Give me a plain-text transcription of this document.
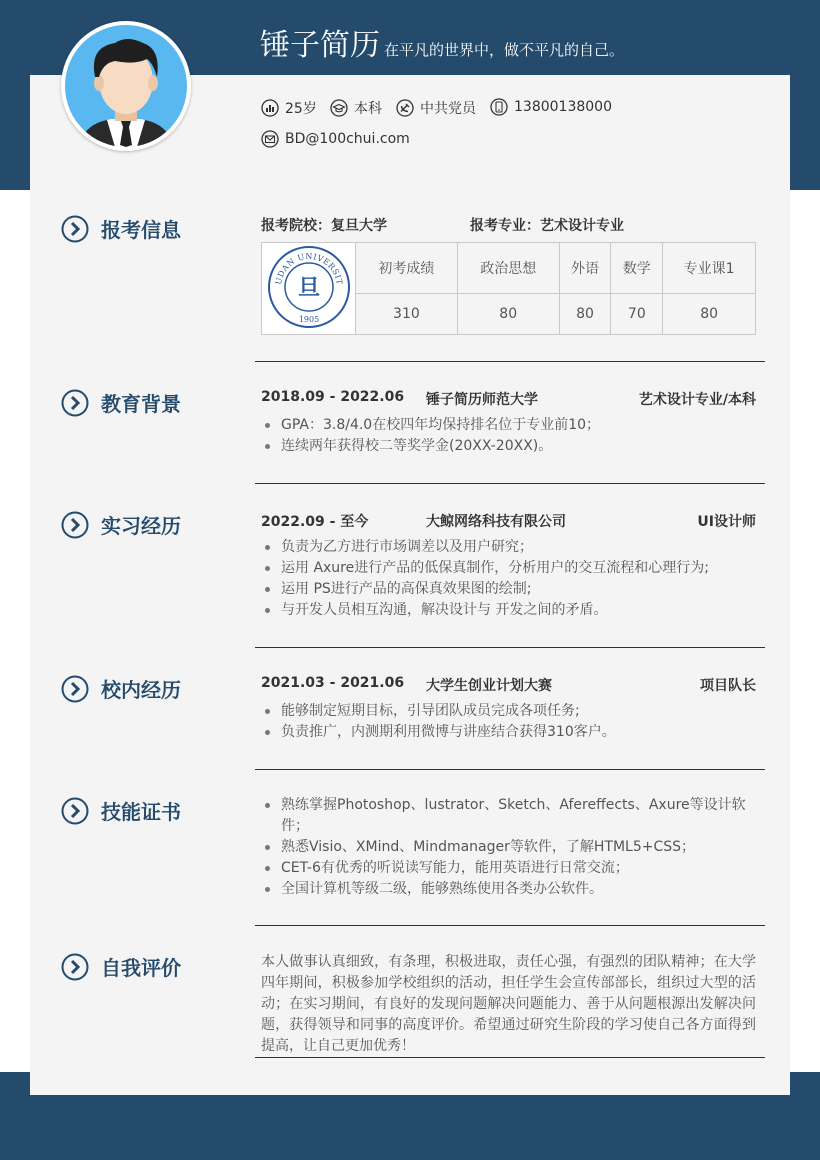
锤子简历 在平凡的世界中，做不平凡的自己。
25岁	本科	中共党员	13800138000
BD@100chui.com
报考信息	报考院校：复旦大学	报考专业：艺术设计专业
UDAN UNIVERSIT
旦
1905	初考成绩	政治思想	外语	数学	专业课1
	310	80	80	70	80
教育背景	2018.09 - 2022.06 锤子简历师范大学	艺术设计专业/本科
GPA：3.8/4.0在校四年均保持排名位于专业前10；
连续两年获得校二等奖学金(20XX-20XX)。
实习经历	2022.09 - 至今	大鲸网络科技有限公司	UI设计师
负责为乙方进行市场调差以及用户研究；
运用 Axure进行产品的低保真制作，分析用户的交互流程和心理行为;
运用 PS进行产品的高保真效果图的绘制;
与开发人员相互沟通，解决设计与 开发之间的矛盾。
校内经历	2021.03 - 2021.06 大学生创业计划大赛	项目队长
能够制定短期目标，引导团队成员完成各项任务;
负责推广，内测期利用微博与讲座结合获得310客户。
技能证书	熟练掌握Photoshop、lustrator、Sketch、Afereffects、Axure等设计软件；
熟悉Visio、XMind、Mindmanager等软件，了解HTML5+CSS；
CET-6有优秀的听说读写能力，能用英语进行日常交流；
全国计算机等级二级，能够熟练使用各类办公软件。
自我评价	本人做事认真细致，有条理，积极进取，责任心强，有强烈的团队精神；在大学四年期间，积极参加学校组织的活动，担任学生会宣传部部长，组织过大型的活动；在实习期间，有良好的发现问题解决问题能力、善于从问题根源出发解决问题，获得领导和同事的高度评价。希望通过研究生阶段的学习使自己各方面得到提高，让自己更加优秀！
